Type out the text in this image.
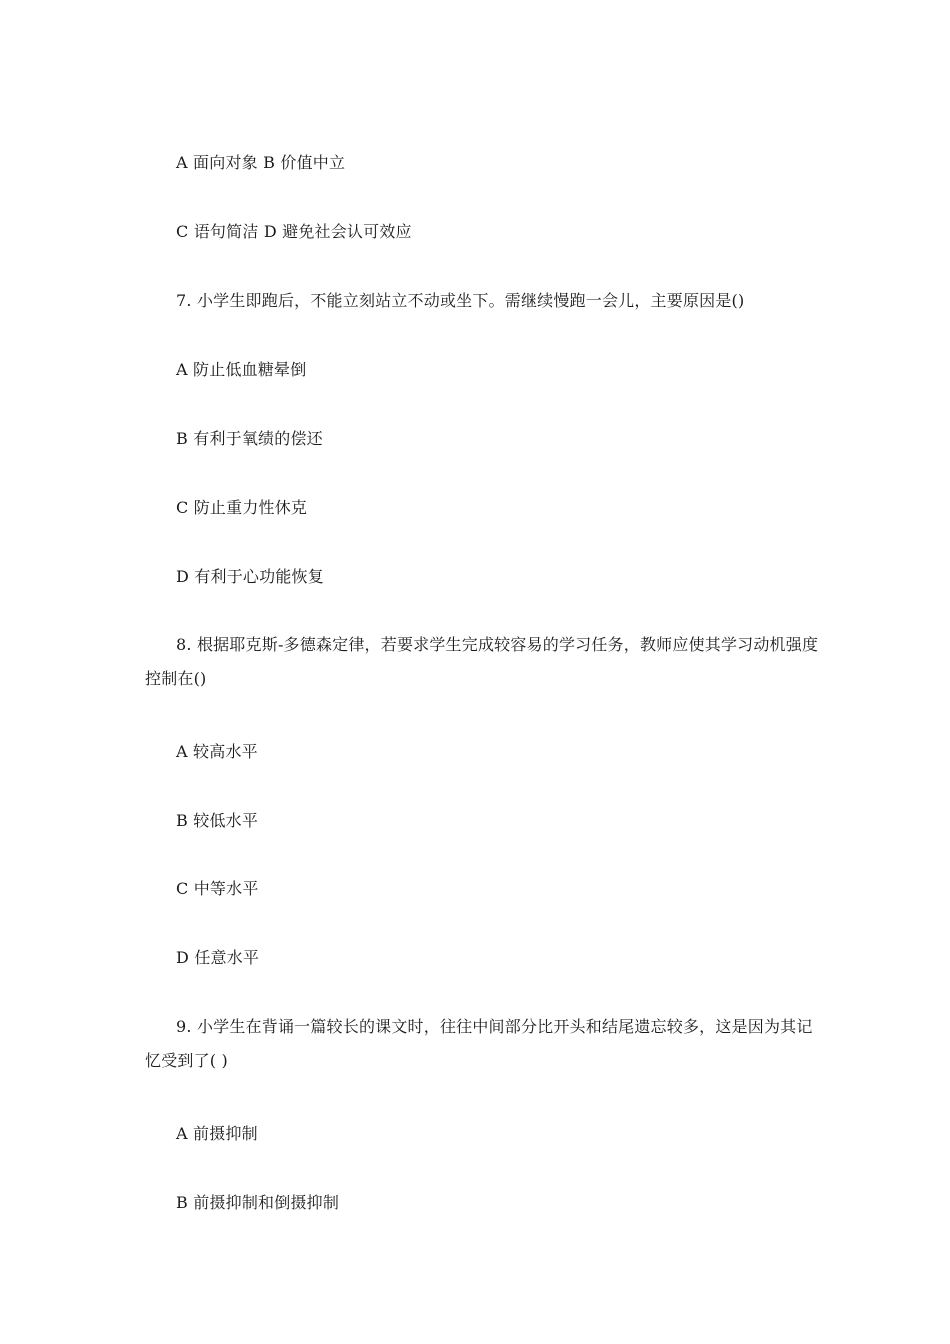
A 面向对象 B 价值中立
C 语句简洁 D 避免社会认可效应
7. 小学生即跑后，不能立刻站立不动或坐下。需继续慢跑一会儿，主要原因是()
A 防止低血糖晕倒
B 有利于氧绩的偿还
C 防止重力性休克
D 有利于心功能恢复
8. 根据耶克斯-多德森定律，若要求学生完成较容易的学习任务，教师应使其学习动机强度控制在()
A 较高水平
B 较低水平
C 中等水平
D 任意水平
9. 小学生在背诵一篇较长的课文时，往往中间部分比开头和结尾遗忘较多，这是因为其记忆受到了( )
A 前摄抑制
B 前摄抑制和倒摄抑制
